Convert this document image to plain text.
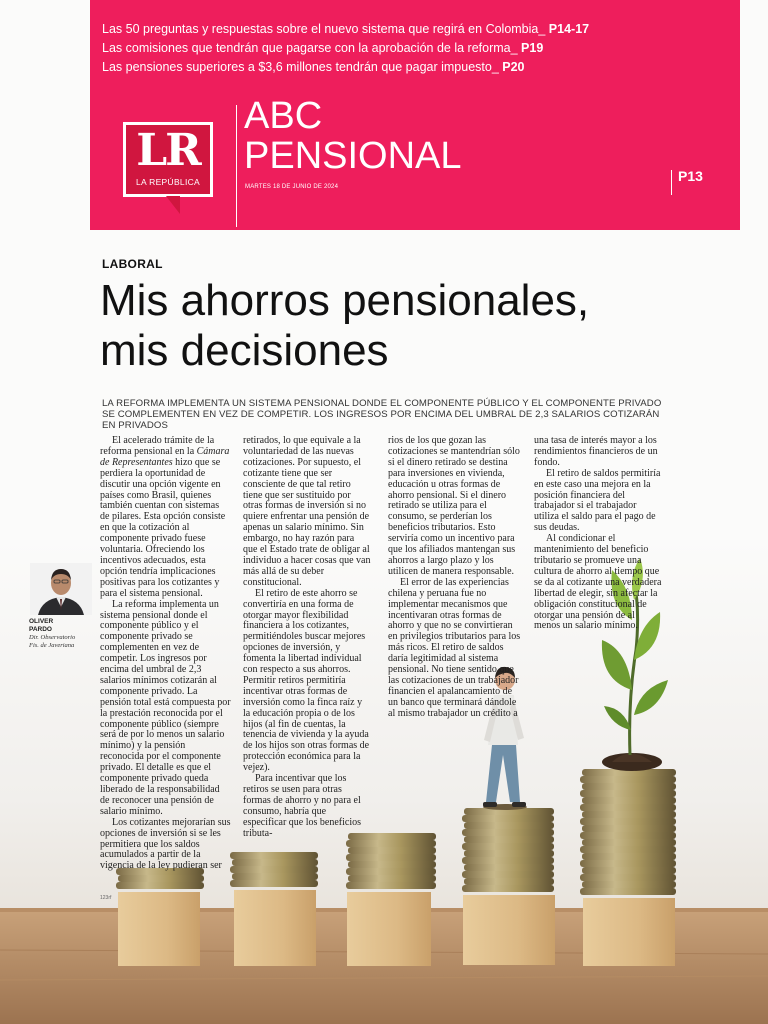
Las 50 preguntas y respuestas sobre el nuevo sistema que regirá en Colombia_ P14-17
Las comisiones que tendrán que pagarse con la aprobación de la reforma_ P19
Las pensiones superiores a $3,6 millones tendrán que pagar impuesto_ P20
LR
LA REPÚBLICA
ABC
PENSIONAL
MARTES 18 DE JUNIO DE 2024
P13
LABORAL
Mis ahorros pensionales,
mis decisiones
LA REFORMA IMPLEMENTA UN SISTEMA PENSIONAL DONDE EL COMPONENTE PÚBLICO Y EL COMPONENTE PRIVADO SE COMPLEMENTEN EN VEZ DE COMPETIR. LOS INGRESOS POR ENCIMA DEL UMBRAL DE 2,3 SALARIOS COTIZARÁN EN PRIVADOS

El acelerado trámite de la reforma pensional en la Cámara de Representantes hizo que se perdiera la oportunidad de discutir una opción vigente en países como Brasil, quienes también cuentan con sistemas de pilares. Esta opción consiste en que la cotización al componente privado fuese voluntaria. Ofreciendo los incentivos adecuados, esta opción tendría implicaciones positivas para los cotizantes y para el sistema pensional.

La reforma implementa un sistema pensional donde el componente público y el componente privado se complementen en vez de competir. Los ingresos por encima del umbral de 2,3 salarios mínimos cotizarán al componente privado. La pensión total está compuesta por la prestación reconocida por el componente público (siempre será de por lo menos un salario mínimo) y la pensión reconocida por el componente privado. El detalle es que el componente privado queda liberado de la responsabilidad de reconocer una pensión de salario mínimo.

Los cotizantes mejorarían sus opciones de inversión si se les permitiera que los saldos acumulados a partir de la vigencia de la ley pudieran ser

retirados, lo que equivale a la voluntariedad de las nuevas cotizaciones. Por supuesto, el cotizante tiene que ser consciente de que tal retiro tiene que ser sustituido por otras formas de inversión si no quiere enfrentar una pensión de apenas un salario mínimo. Sin embargo, no hay razón para que el Estado trate de obligar al individuo a hacer cosas que van más allá de su deber constitucional.

El retiro de este ahorro se convertiría en una forma de otorgar mayor flexibilidad financiera a los cotizantes, permitiéndoles buscar mejores opciones de inversión, y fomenta la libertad individual con respecto a sus ahorros. Permitir retiros permitiría incentivar otras formas de inversión como la finca raíz y la educación propia o de los hijos (al fin de cuentas, la tenencia de vivienda y la ayuda de los hijos son otras formas de protección económica para la vejez).

Para incentivar que los retiros se usen para otras formas de ahorro y no para el consumo, habría que especificar que los beneficios tributa-

rios de los que gozan las cotizaciones se mantendrían sólo si el dinero retirado se destina para inversiones en vivienda, educación u otras formas de ahorro pensional. Si el dinero retirado se utiliza para el consumo, se perderían los beneficios tributarios. Esto serviría como un incentivo para que los afiliados mantengan sus ahorros a largo plazo y los utilicen de manera responsable.

El error de las experiencias chilena y peruana fue no implementar mecanismos que incentivaran otras formas de ahorro y que no se convirtieran en privilegios tributarios para los más ricos. El retiro de saldos daría legitimidad al sistema pensional. No tiene sentido que las cotizaciones de un trabajador financien el apalancamiento de un banco que terminará dándole al mismo trabajador un crédito a

una tasa de interés mayor a los rendimientos financieros de un fondo.

El retiro de saldos permitiría en este caso una mejora en la posición financiera del trabajador si el trabajador utiliza el saldo para el pago de sus deudas.

Al condicionar el mantenimiento del beneficio tributario se promueve una cultura de ahorro al tiempo que se da al cotizante una verdadera libertad de elegir, sin afectar la obligación constitucional de otorgar una pensión de al menos un salario mínimo.

OLIVER
PARDO
Dir. Observatorio
Fis. de Javeriana
123rf
